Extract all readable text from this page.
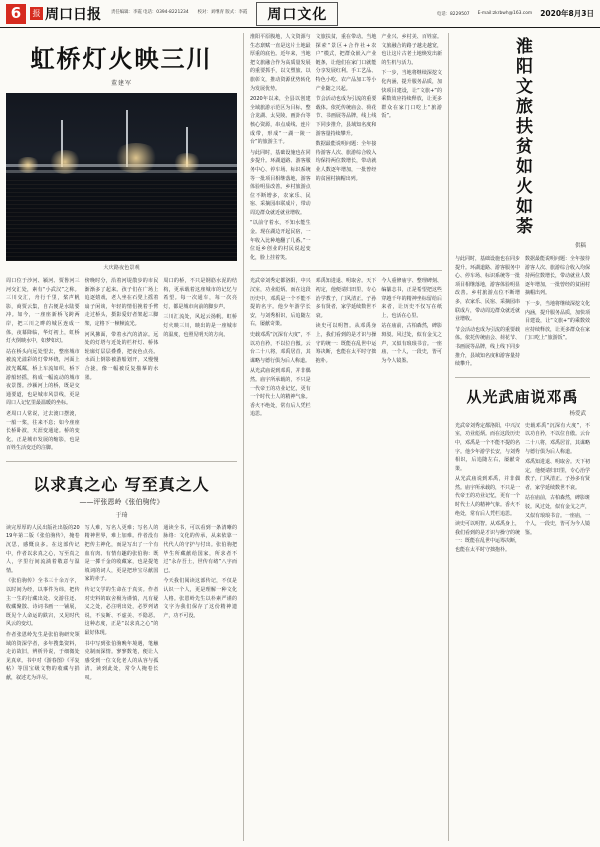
6	报 周口日报 责任编辑：李霞 电话：0394-8221234 校对：刘继青 版式：李霞	周口文化	电话：8229507 E-mail:zkrbwh@163.com 2020年8月3日
虹桥灯火映三川
董建军
大庆路夜色景观

周口位于沙河、颍河、贾鲁河三河交汇处，素有“小武汉”之称。三川交汇，舟行千里，桨声帆影，商贾云集，自古便是水陆要冲。如今，一座座新桥飞跨两岸，把三川之畔的城区连成一体，夜幕降临，华灯初上，虹桥灯火倒映水中，如梦如幻。

站在桥头向远处望去，整座城市被流光溢彩的灯带环绕，河面上波光粼粼，桥上车流如织，桥下游船轻摇，构成一幅流动的城市夜景图。沙颍河上的桥，既是交通要道，也是城市风景线，更是周口人记忆里最温暖的坐标。

老周口人常说，过去渡口摆渡，一船一桨，往来不息；如今座座长桥卧波，天涯变通途。桥的变化，正是城市发展的缩影，也是百姓生活变迁的注脚。

傍晚时分，沿着河堤散步的市民渐渐多了起来。孩子们在广场上追逐嬉戏，老人坐在石凳上摇着扇子闲谈，年轻的情侣挽着手臂走过桥头，摄影爱好者架起三脚架，定格下一帧帧流光。

河风拂面，带着水汽的清凉。远处的灯塔与近处的栏杆灯、桥体轮廓灯层层叠叠，把夜色点亮。水面上倒影被游船划开，又慢慢合拢，像一幅被反复描摹的水墨。

周口的桥，不只是钢筋水泥的结构，更承载着这座城市的记忆与希望。每一次通车，每一次亮灯，都是城市向前的脚步声。

三川汇流处，风起云扬帆。虹桥灯火映三川，映出的是一座城市的温度，也照见明天的方向。

以求真之心 写至真之人
——评张恩岭《张伯驹传》
于琦

读完厚厚的人民出版社出版的2019年第二版《张伯驹传》，掩卷沉思，感慨良多。在这部传记中，作者以求真之心，写至真之人，字里行间流淌着敬意与温情。

《张伯驹传》全书三十余万字，以时间为经，以事件为纬，把传主一生的行藏出处、交游往还、收藏聚散、诗词书画一一铺展，既见个人命运的跌宕，又见时代风云的变幻。

作者张恩岭先生是张伯驹研究领域的资深学者，多年搜集资料，走访故旧，辨析异说，于细微处见真章。书中对《游春图》《平复帖》等国宝级文物的收藏与捐献，叙述尤为详尽。

写人难，写名人更难；写名人的精神世界，难上加难。作者没有把传主神化，而是写出了一个有血有肉、有情有趣的张伯驹：既是一掷千金的收藏家，也是提笔填词的词人，更是把珍宝尽献国家的赤子。

传记文学的生命在于真实。作者对史料的取舍极为谨慎，凡有疑义之处，必注明出处，必罗列诸说，不妄断、不虚美、不隐恶。这种态度，正是“以求真之心”的最好体现。

书中写到张伯驹晚年境遇，笔触克制而深情。寥寥数笔，便让人感受到一位文化老人的从容与孤清。读到此处，常令人掩卷长叹。

通读全书，可以看到一条清晰的脉络：文化的传承，从来依靠一代代人的守护与付出。张伯驹把毕生所藏献给国家，所求者不过“永存吾土，世传有绪”八字而已。

今天我们阅读这部传记，不仅是认识一个人，更是理解一种文化人格。张恩岭先生以朴素严谨的文字为我们保存了这份精神遗产，功不可没。

淮阳平原腹地，人文资源与生态禀赋一直是这片土地最厚重的底色。近年来，当地把文旅融合作为高质量发展的重要抓手，以文塑旅、以旅彰文，推动资源优势转化为发展优势。

2020年以来，全县以创建全域旅游示范区为目标，整合龙湖、太昊陵、画卦台等核心资源，串点成线、连片成带，形成“一湖一陵一台”的旅游主干。

与此同时，基础设施也在同步提升。环湖道路、游客服务中心、停车场、标识系统等一批项目相继落地，游客体验明显改善。乡村旅游点位不断增多，农家乐、民宿、采摘园串联成片，带动周边群众就近就业增收。

“以前守着水，不知水能生金。现在湖边开起民宿，一年收入比种地翻了几番。”一位返乡创业的村民说起变化，脸上挂着笑。

文旅扶贫，重在带动。当地探索“景区+合作社+农户”模式，把群众嵌入产业链条，让他们在家门口就能分享发展红利。手工艺品、特色小吃、农产品加工等小产业随之兴起。

节会活动也成为引流的重要载体。依托传统庙会、荷花节、书画展等品牌，线上线下同步推介，县域知名度和游客量持续攀升。

数据最能说明问题：全年接待游客人次、旅游综合收入均保持两位数增长，带动就业人数逐年增加，一批曾经的贫困村摘帽出列。

产业兴、乡村美、百姓富。文旅融合的路子越走越宽，也让这片古老土地焕发出新的生机与活力。

下一步，当地将继续深挖文化内涵，提升服务品质，加快项目建设，让“文旅+”的乘数效应持续释放，让更多群众在家门口吃上“旅游饭”。

光武帝刘秀定都洛阳，中兴汉室，功业彪炳。而在这段历史中，邓禹是一个不能不提的名字。他少年游学长安，与刘秀相识，后追随左右，屡献奇策。

史载邓禹“沉深有大度”，不以功自矜，不以位自傲。云台二十八将，邓禹居首，其谋略与德行俱为后人称道。

从光武庙说到邓禹，并非偶然。庙宇所承载的，不只是一代帝王的功业记忆，更有一个时代士人的精神气象。香火不绝处，常有后人凭栏追思。

邓禹知进退、明取舍。天下初定，他便请归田里，专心治学教子，门风清正。子孙多有贤者，家学延续数世不衰。

读史可以明智。从邓禹身上，我们看到的是才识与操守的统一：既能在乱世中运筹决断，也能在太平时守拙抱朴。

今人重修庙宇、整理碑刻、编纂志书，正是希望把这些穿越千年的精神坐标留给后来者，让历史不仅写在纸上，也活在心里。

站在庙前，古柏森然，碑影斑驳。风过处，似有金戈之声，又似有琅琅书音。一座庙，一个人，一段史，皆可为今人镜鉴。

淮阳文旅扶贫如火如荼
供稿

与此同时，基础设施也在同步提升。环湖道路、游客服务中心、停车场、标识系统等一批项目相继落地，游客体验明显改善。乡村旅游点位不断增多，农家乐、民宿、采摘园串联成片，带动周边群众就近就业增收。

节会活动也成为引流的重要载体。依托传统庙会、荷花节、书画展等品牌，线上线下同步推介，县域知名度和游客量持续攀升。

数据最能说明问题：全年接待游客人次、旅游综合收入均保持两位数增长，带动就业人数逐年增加，一批曾经的贫困村摘帽出列。

下一步，当地将继续深挖文化内涵，提升服务品质，加快项目建设，让“文旅+”的乘数效应持续释放，让更多群众在家门口吃上“旅游饭”。

从光武庙说邓禹
杨爱武

光武帝刘秀定都洛阳，中兴汉室，功业彪炳。而在这段历史中，邓禹是一个不能不提的名字。他少年游学长安，与刘秀相识，后追随左右，屡献奇策。

从光武庙说到邓禹，并非偶然。庙宇所承载的，不只是一代帝王的功业记忆，更有一个时代士人的精神气象。香火不绝处，常有后人凭栏追思。

读史可以明智。从邓禹身上，我们看到的是才识与操守的统一：既能在乱世中运筹决断，也能在太平时守拙抱朴。

史载邓禹“沉深有大度”，不以功自矜，不以位自傲。云台二十八将，邓禹居首，其谋略与德行俱为后人称道。

邓禹知进退、明取舍。天下初定，他便请归田里，专心治学教子，门风清正。子孙多有贤者，家学延续数世不衰。

站在庙前，古柏森然，碑影斑驳。风过处，似有金戈之声，又似有琅琅书音。一座庙，一个人，一段史，皆可为今人镜鉴。
